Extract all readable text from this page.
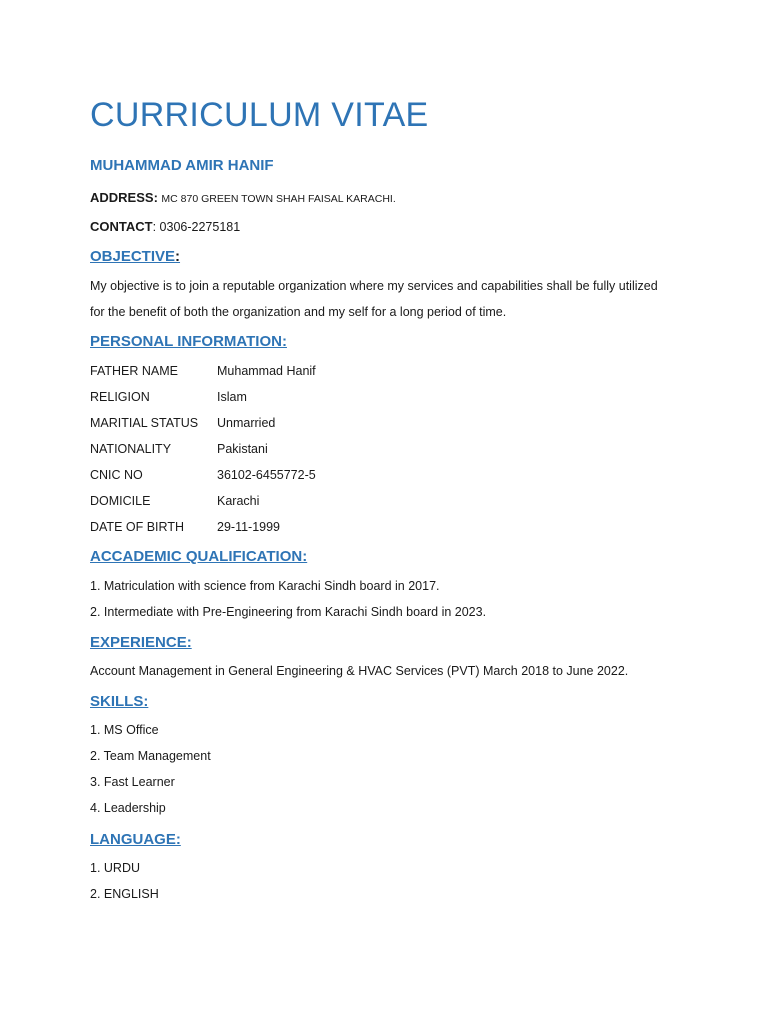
CURRICULUM VITAE
MUHAMMAD AMIR HANIF
ADDRESS: MC 870 GREEN TOWN SHAH FAISAL KARACHI.
CONTACT: 0306-2275181
OBJECTIVE:
My objective is to join a reputable organization where my services and capabilities shall be fully utilized
for the benefit of both the organization and my self for a long period of time.
PERSONAL INFORMATION:
FATHER NAME	Muhammad Hanif
RELIGION	Islam
MARITIAL STATUS Unmarried
NATIONALITY	Pakistani
CNIC NO	36102-6455772-5
DOMICILE	Karachi
DATE OF BIRTH	29-11-1999
ACCADEMIC QUALIFICATION:
1. Matriculation with science from Karachi Sindh board in 2017.
2. Intermediate with Pre-Engineering from Karachi Sindh board in 2023.
EXPERIENCE:
Account Management in General Engineering & HVAC Services (PVT) March 2018 to June 2022.
SKILLS:
1. MS Office
2. Team Management
3. Fast Learner
4. Leadership
LANGUAGE:
1. URDU
2. ENGLISH
